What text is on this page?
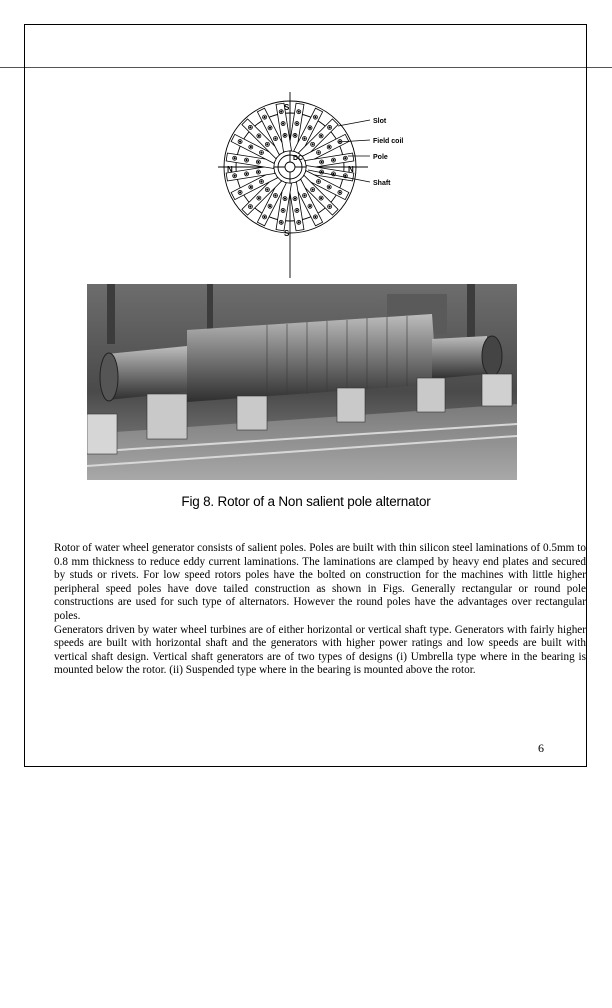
S
S
N	N
DC
Slot
Field coil
Pole
Shaft
Fig 8. Rotor of a Non salient pole alternator

Rotor of water wheel generator consists of salient poles. Poles are built with thin silicon steel laminations of 0.5mm to 0.8 mm thickness to reduce eddy current laminations. The laminations are clamped by heavy end plates and secured by studs or rivets. For low speed rotors poles have the bolted on construction for the machines with little higher peripheral speed poles have dove tailed construction as shown in Figs. Generally rectangular or round pole constructions are used for such type of alternators. However the round poles have the advantages over rectangular poles.

Generators driven by water wheel turbines are of either horizontal or vertical shaft type. Generators with fairly higher speeds are built with horizontal shaft and the generators with higher power ratings and low speeds are built with vertical shaft design. Vertical shaft generators are of two types of designs (i) Umbrella type where in the bearing is mounted below the rotor. (ii) Suspended type where in the bearing is mounted above the rotor.

6
